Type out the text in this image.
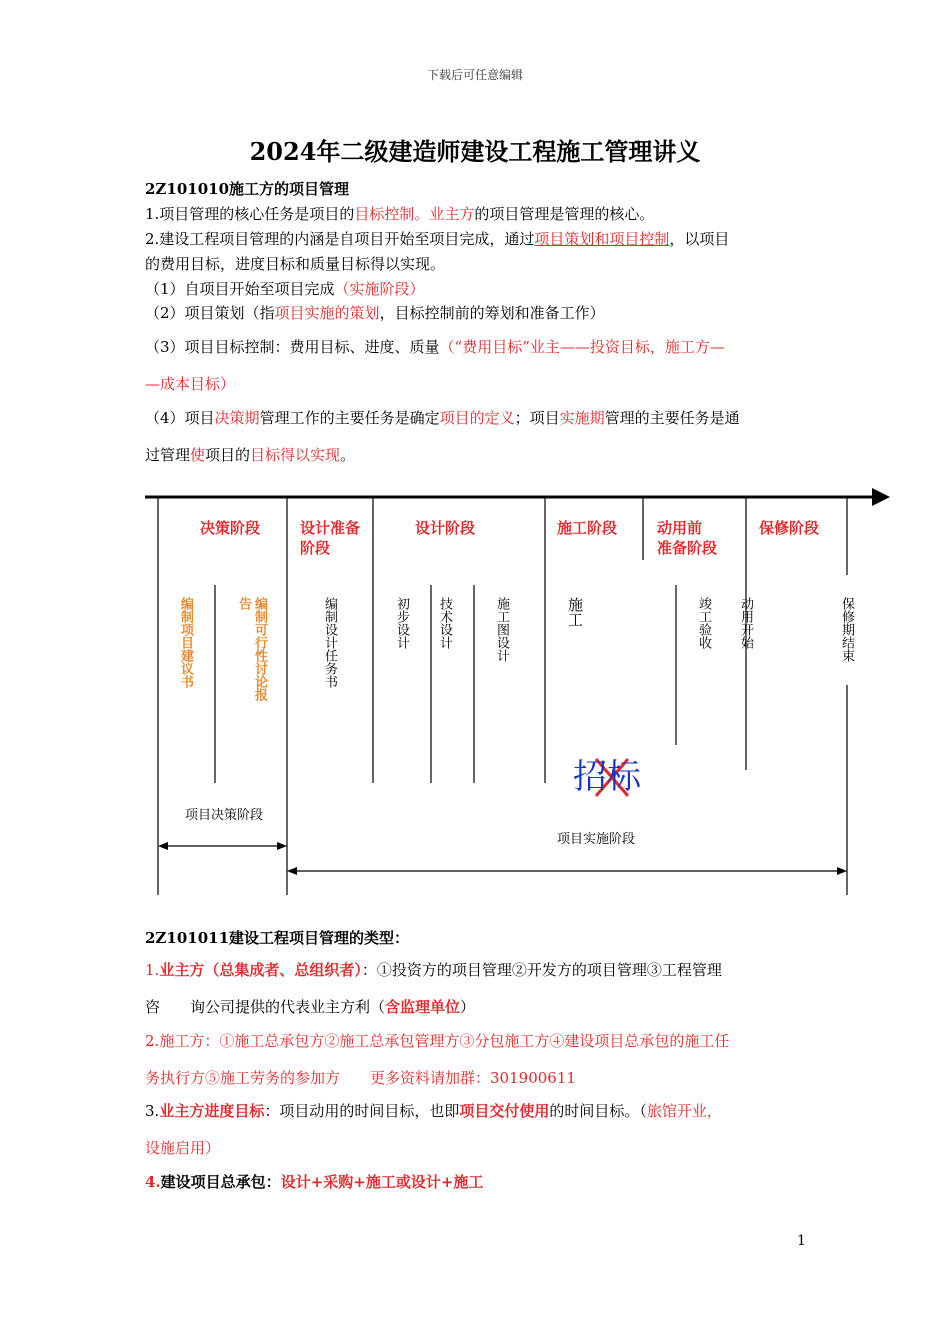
下载后可任意编辑
2024年二级建造师建设工程施工管理讲义
2Z101010施工方的项目管理
1.项目管理的核心任务是项目的目标控制。业主方的项目管理是管理的核心。
2.建设工程项目管理的内涵是自项目开始至项目完成，通过项目策划和项目控制，以项目
的费用目标，进度目标和质量目标得以实现。
（1）自项目开始至项目完成（实施阶段）
（2）项目策划（指项目实施的策划，目标控制前的筹划和准备工作）
（3）项目目标控制：费用目标、进度、质量（“费用目标”业主——投资目标，施工方—
—成本目标）
（4）项目决策期管理工作的主要任务是确定项目的定义；项目实施期管理的主要任务是通
过管理使项目的目标得以实现。
决策阶段	设计准备
阶段
设计阶段	施工阶段	动用前
准备阶段
保修阶段
编制项目建议书	告 编制可行性讨论报	编制设计任务书	初步设计 技术设计	施工图设计	施工	竣工验收 动用开始	保修期结束
招标
项目决策阶段
项目实施阶段
2Z101011建设工程项目管理的类型：
1.业主方（总集成者、总组织者）：①投资方的项目管理②开发方的项目管理③工程管理
咨　　询公司提供的代表业主方利（含监理单位）
2.施工方：①施工总承包方②施工总承包管理方③分包施工方④建设项目总承包的施工任
务执行方⑤施工劳务的参加方　　更多资料请加群：301900611
3.业主方进度目标：项目动用的时间目标，也即项目交付使用的时间目标。（旅馆开业，
设施启用）
4.建设项目总承包：设计+采购+施工或设计+施工
1
